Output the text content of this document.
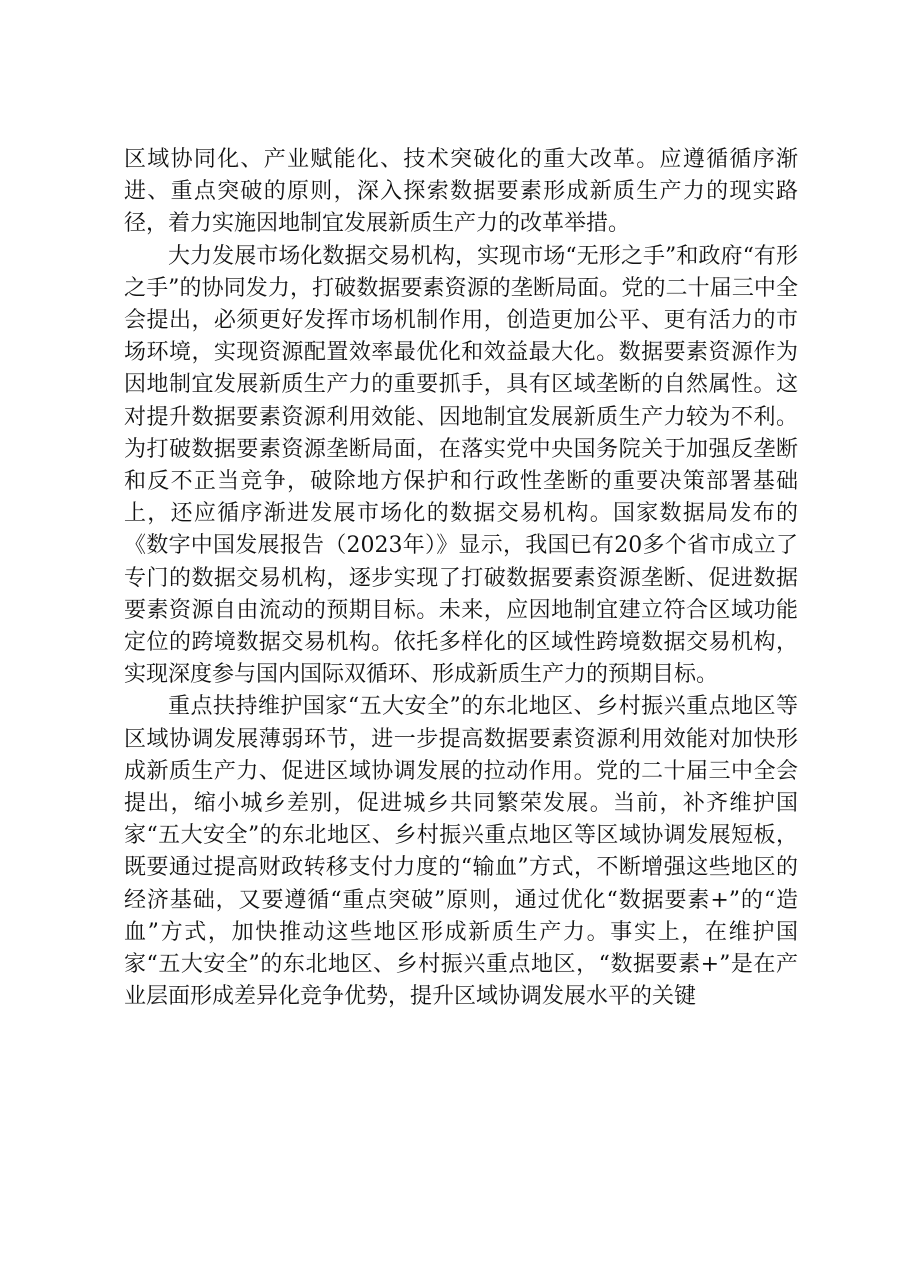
区域协同化、产业赋能化、技术突破化的重大改革。应遵循循序渐进、重点突破的原则，深入探索数据要素形成新质生产力的现实路径，着力实施因地制宜发展新质生产力的改革举措。

大力发展市场化数据交易机构，实现市场“无形之手”和政府“有形之手”的协同发力，打破数据要素资源的垄断局面。党的二十届三中全会提出，必须更好发挥市场机制作用，创造更加公平、更有活力的市场环境，实现资源配置效率最优化和效益最大化。数据要素资源作为因地制宜发展新质生产力的重要抓手，具有区域垄断的自然属性。这对提升数据要素资源利用效能、因地制宜发展新质生产力较为不利。为打破数据要素资源垄断局面，在落实党中央国务院关于加强反垄断和反不正当竞争，破除地方保护和行政性垄断的重要决策部署基础上，还应循序渐进发展市场化的数据交易机构。国家数据局发布的《数字中国发展报告（2023年）》显示，我国已有20多个省市成立了专门的数据交易机构，逐步实现了打破数据要素资源垄断、促进数据要素资源自由流动的预期目标。未来，应因地制宜建立符合区域功能定位的跨境数据交易机构。依托多样化的区域性跨境数据交易机构，实现深度参与国内国际双循环、形成新质生产力的预期目标。

重点扶持维护国家“五大安全”的东北地区、乡村振兴重点地区等区域协调发展薄弱环节，进一步提高数据要素资源利用效能对加快形成新质生产力、促进区域协调发展的拉动作用。党的二十届三中全会提出，缩小城乡差别，促进城乡共同繁荣发展。当前，补齐维护国家“五大安全”的东北地区、乡村振兴重点地区等区域协调发展短板，既要通过提高财政转移支付力度的“输血”方式，不断增强这些地区的经济基础，又要遵循“重点突破”原则，通过优化“数据要素+”的“造血”方式，加快推动这些地区形成新质生产力。事实上，在维护国家“五大安全”的东北地区、乡村振兴重点地区，“数据要素+”是在产业层面形成差异化竞争优势，提升区域协调发展水平的关键
